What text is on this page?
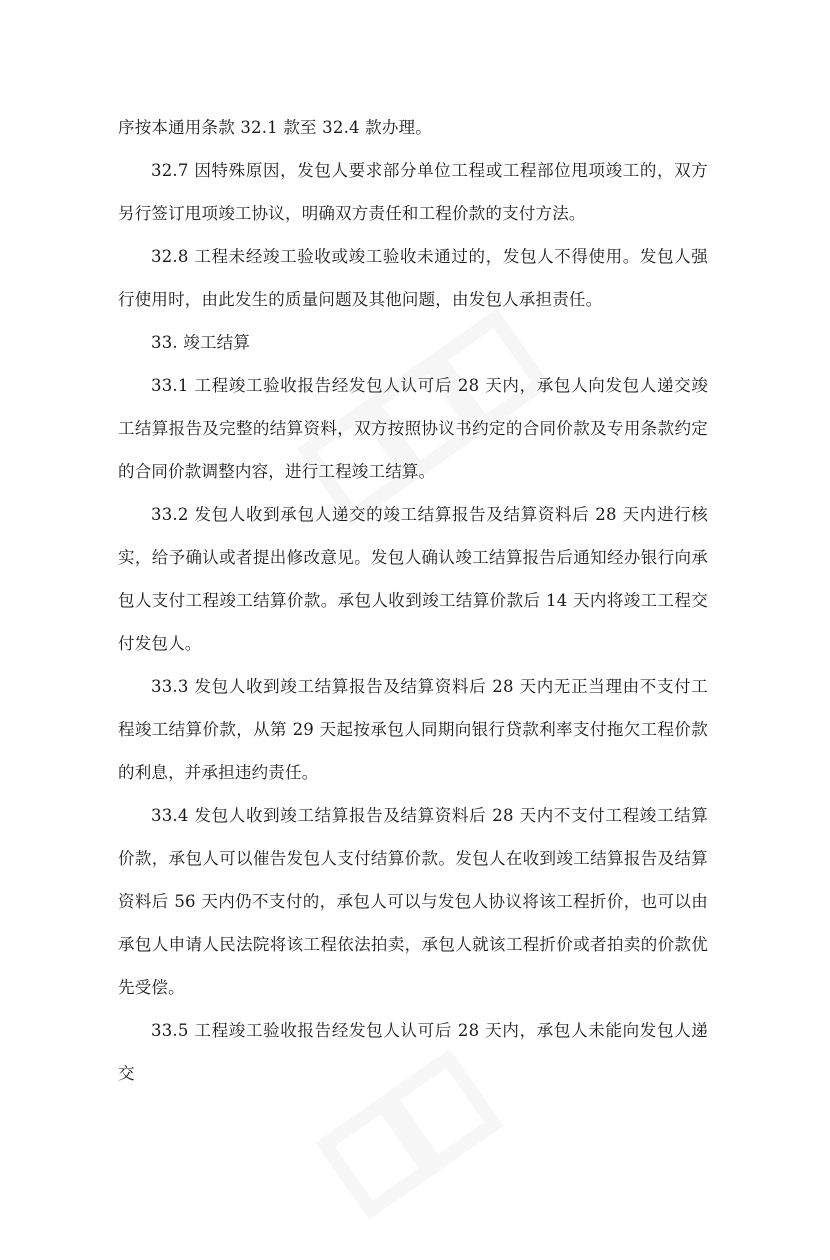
序按本通用条款 32.1 款至 32.4 款办理。

32.7 因特殊原因，发包人要求部分单位工程或工程部位甩项竣工的，双方另行签订甩项竣工协议，明确双方责任和工程价款的支付方法。

32.8 工程未经竣工验收或竣工验收未通过的，发包人不得使用。发包人强行使用时，由此发生的质量问题及其他问题，由发包人承担责任。

33. 竣工结算

33.1 工程竣工验收报告经发包人认可后 28 天内，承包人向发包人递交竣工结算报告及完整的结算资料，双方按照协议书约定的合同价款及专用条款约定的合同价款调整内容，进行工程竣工结算。

33.2 发包人收到承包人递交的竣工结算报告及结算资料后 28 天内进行核实，给予确认或者提出修改意见。发包人确认竣工结算报告后通知经办银行向承包人支付工程竣工结算价款。承包人收到竣工结算价款后 14 天内将竣工工程交付发包人。

33.3 发包人收到竣工结算报告及结算资料后 28 天内无正当理由不支付工程竣工结算价款，从第 29 天起按承包人同期向银行贷款利率支付拖欠工程价款的利息，并承担违约责任。

33.4 发包人收到竣工结算报告及结算资料后 28 天内不支付工程竣工结算价款，承包人可以催告发包人支付结算价款。发包人在收到竣工结算报告及结算资料后 56 天内仍不支付的，承包人可以与发包人协议将该工程折价，也可以由承包人申请人民法院将该工程依法拍卖，承包人就该工程折价或者拍卖的价款优先受偿。

33.5 工程竣工验收报告经发包人认可后 28 天内，承包人未能向发包人递交
